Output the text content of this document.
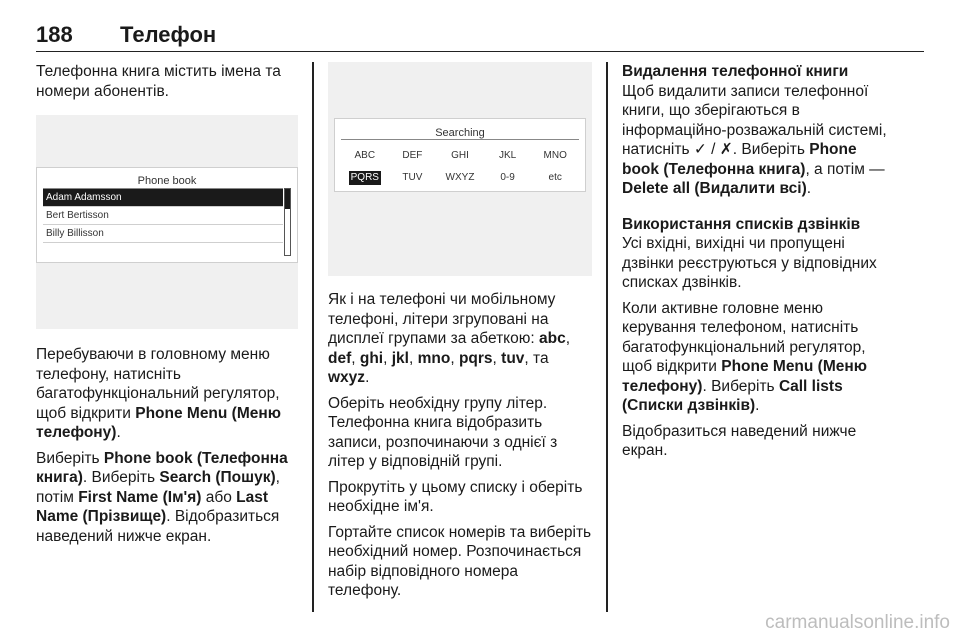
188 Телефон

Телефонна книга містить імена та номери абонентів.

Phone book
Adam Adamsson
Bert Bertisson
Billy Billisson

Перебуваючи в головному меню телефону, натисніть багатофункціональний регулятор, щоб відкрити Phone Menu (Меню телефону).

Виберіть Phone book (Телефонна книга). Виберіть Search (Пошук), потім First Name (Ім'я) або Last Name (Прізвище). Відобразиться наведений нижче екран.

Searching
ABC	DEF	GHI	JKL	MNO
PQRS	TUV	WXYZ	0-9	etc

Як і на телефоні чи мобільному телефоні, літери згруповані на дисплеї групами за абеткою: abc, def, ghi, jkl, mno, pqrs, tuv, та wxyz.

Оберіть необхідну групу літер. Телефонна книга відобразить записи, розпочинаючи з однієї з літер у відповідній групі.

Прокрутіть у цьому списку і оберіть необхідне ім'я.

Гортайте список номерів та виберіть необхідний номер. Розпочинається набір відповідного номера телефону.

Видалення телефонної книги

Щоб видалити записи телефонної книги, що зберігаються в інформаційно-розважальній системі, натисніть ✓ / ✗. Виберіть Phone book (Телефонна книга), а потім — Delete all (Видалити всі).

Використання списків дзвінків

Усі вхідні, вихідні чи пропущені дзвінки реєструються у відповідних списках дзвінків.

Коли активне головне меню керування телефоном, натисніть багатофункціональний регулятор, щоб відкрити Phone Menu (Меню телефону). Виберіть Call lists (Списки дзвінків).

Відобразиться наведений нижче екран.

carmanualsonline.info
